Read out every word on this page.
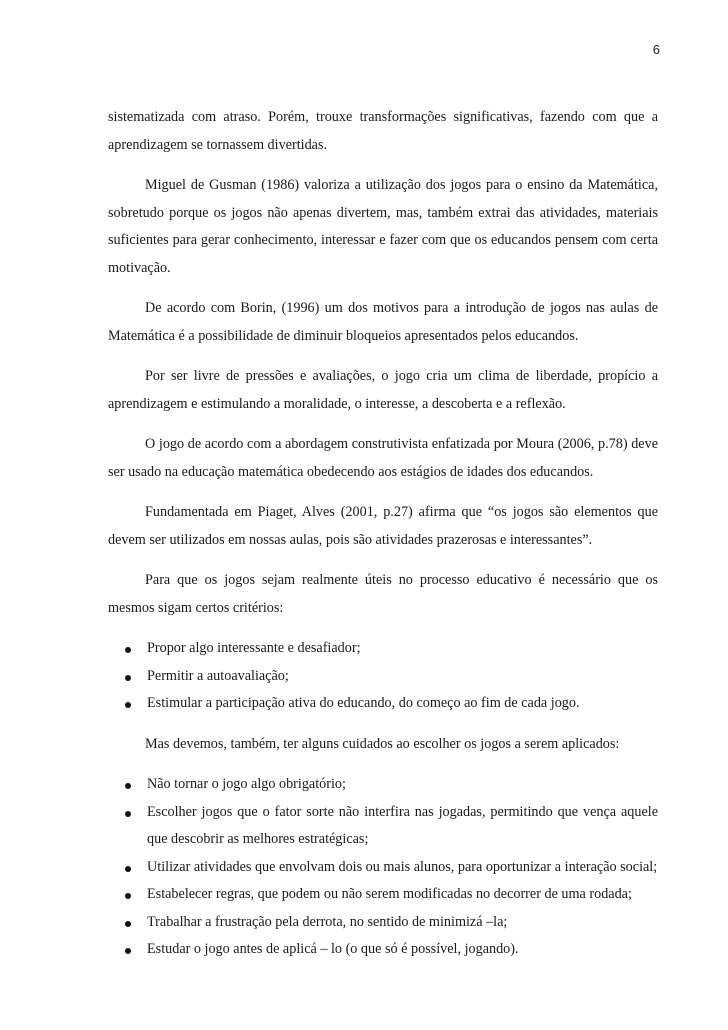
6

sistematizada com atraso. Porém, trouxe transformações significativas, fazendo com que a aprendizagem se tornassem divertidas.

Miguel de Gusman (1986) valoriza a utilização dos jogos para o ensino da Matemática, sobretudo porque os jogos não apenas divertem, mas, também extrai das atividades, materiais suficientes para gerar conhecimento, interessar e fazer com que os educandos pensem com certa motivação.

De acordo com Borin, (1996) um dos motivos para a introdução de jogos nas aulas de Matemática é a possibilidade de diminuir bloqueios apresentados pelos educandos.

Por ser livre de pressões e avaliações, o jogo cria um clima de liberdade, propício a aprendizagem e estimulando a moralidade, o interesse, a descoberta e a reflexão.

O jogo de acordo com a abordagem construtivista enfatizada por Moura (2006, p.78) deve ser usado na educação matemática obedecendo aos estágios de idades dos educandos.

Fundamentada em Piaget, Alves (2001, p.27) afirma que “os jogos são elementos que devem ser utilizados em nossas aulas, pois são atividades prazerosas e interessantes”.

Para que os jogos sejam realmente úteis no processo educativo é necessário que os mesmos sigam certos critérios:

Propor algo interessante e desafiador;
Permitir a autoavaliação;
Estimular a participação ativa do educando, do começo ao fim de cada jogo.

Mas devemos, também, ter alguns cuidados ao escolher os jogos a serem aplicados:

Não tornar o jogo algo obrigatório;
Escolher jogos que o fator sorte não interfira nas jogadas, permitindo que vença aquele que descobrir as melhores estratégicas;
Utilizar atividades que envolvam dois ou mais alunos, para oportunizar a interação social;
Estabelecer regras, que podem ou não serem modificadas no decorrer de uma rodada;
Trabalhar a frustração pela derrota, no sentido de minimizá –la;
Estudar o jogo antes de aplicá – lo (o que só é possível, jogando).
